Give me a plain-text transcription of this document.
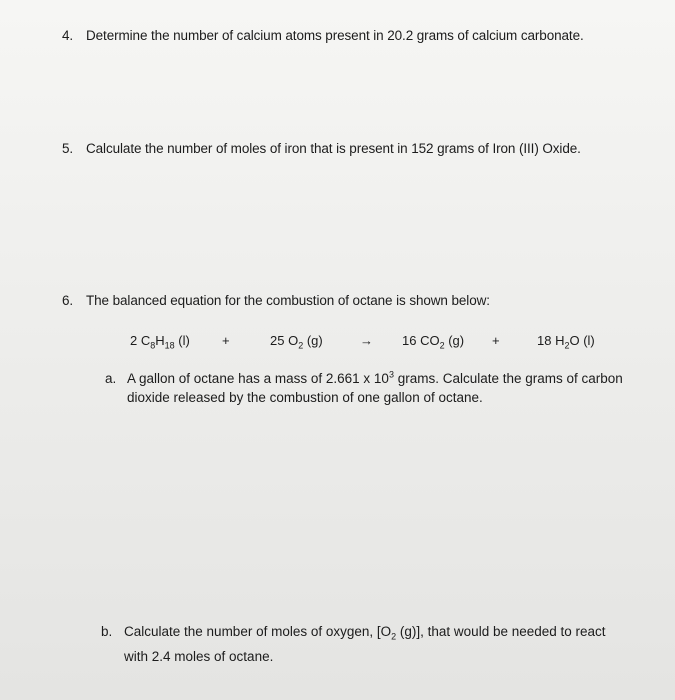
4. Determine the number of calcium atoms present in 20.2 grams of calcium carbonate.
5. Calculate the number of moles of iron that is present in 152 grams of Iron (III) Oxide.
6. The balanced equation for the combustion of octane is shown below:
2 $C_8H_{18}$ (l) +	25 $O_2$ (g)	→ 16 $CO_2$ (g) +	18 $H_2O$ (l)
a. A gallon of octane has a mass of 2.661 x $10^3$ grams. Calculate the grams of carbon
dioxide released by the combustion of one gallon of octane.
b. Calculate the number of moles of oxygen, [$O_2$ (g)], that would be needed to react
with 2.4 moles of octane.
